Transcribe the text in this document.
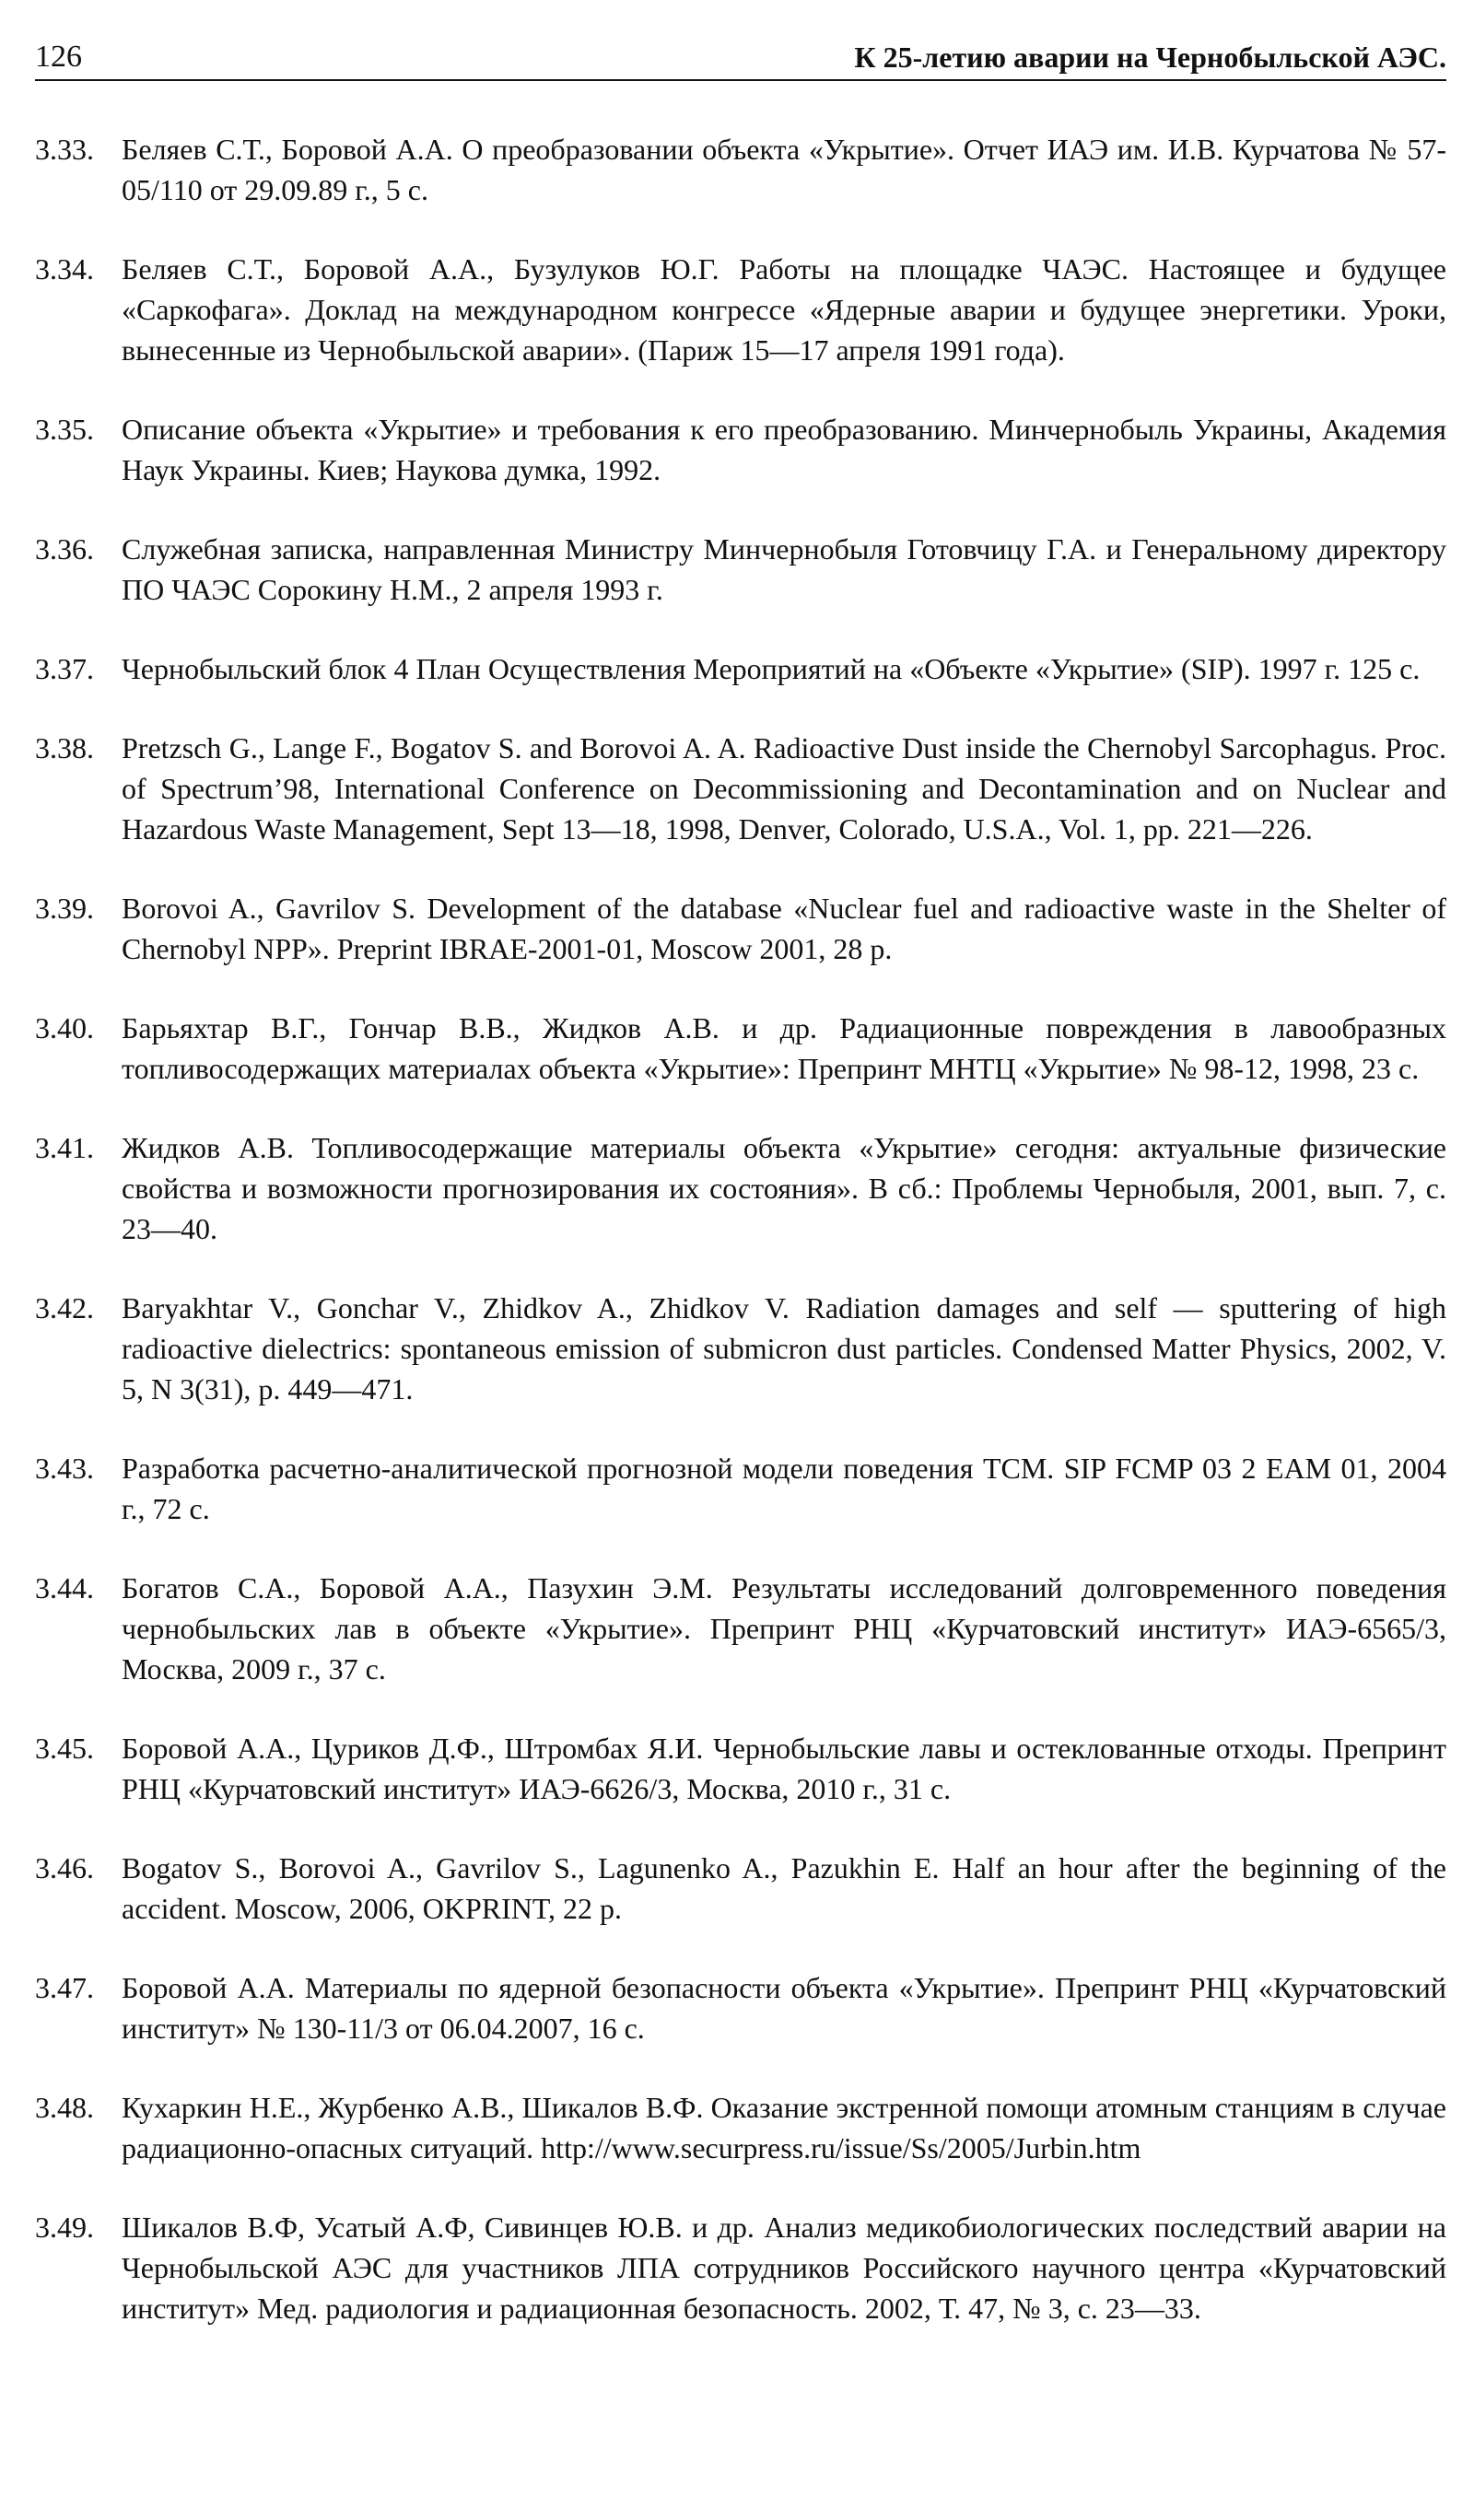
126	К 25-летию аварии на Чернобыльской АЭС.
3.33. Беляев С.Т., Боровой А.А. О преобразовании объекта «Укрытие». Отчет ИАЭ им. И.В. Курчатова № 57-05/110 от 29.09.89 г., 5 с.
3.34. Беляев С.Т., Боровой А.А., Бузулуков Ю.Г. Работы на площадке ЧАЭС. Настоящее и будущее «Саркофага». Доклад на международном конгрессе «Ядерные аварии и будущее энергетики. Уроки, вынесенные из Чернобыльской аварии». (Париж 15—17 апреля 1991 года).
3.35. Описание объекта «Укрытие» и требования к его преобразованию. Минчернобыль Украины, Академия Наук Украины. Киев; Наукова думка, 1992.
3.36. Служебная записка, направленная Министру Минчернобыля Готовчицу Г.А. и Генеральному директору ПО ЧАЭС Сорокину Н.М., 2 апреля 1993 г.
3.37. Чернобыльский блок 4 План Осуществления Мероприятий на «Объекте «Укрытие» (SIP). 1997 г. 125 с.
3.38. Pretzsch G., Lange F., Bogatov S. and Borovoi A. A. Radioactive Dust inside the Chernobyl Sarcophagus. Proc. of Spectrum’98, International Conference on Decommissioning and Decontamination and on Nuclear and Hazardous Waste Management, Sept 13—18, 1998, Denver, Colorado, U.S.A., Vol. 1, pp. 221—226.
3.39. Borovoi A., Gavrilov S. Development of the database «Nuclear fuel and radioactive waste in the Shelter of Chernobyl NPP». Preprint IBRAE-2001-01, Moscow 2001, 28 p.
3.40. Барьяхтар В.Г., Гончар В.В., Жидков А.В. и др. Радиационные повреждения в лавообразных топливосодержащих материалах объекта «Укрытие»: Препринт МНТЦ «Укрытие» № 98-12, 1998, 23 с.
3.41. Жидков А.В. Топливосодержащие материалы объекта «Укрытие» сегодня: актуальные физические свойства и возможности прогнозирования их состояния». В сб.: Проблемы Чернобыля, 2001, вып. 7, с. 23—40.
3.42. Baryakhtar V., Gonchar V., Zhidkov A., Zhidkov V. Radiation damages and self — sputtering of high radioactive dielectrics: spontaneous emission of submicron dust particles. Condensed Matter Physics, 2002, V. 5, N 3(31), p. 449—471.
3.43. Разработка расчетно-аналитической прогнозной модели поведения ТСМ. SIP FCMP 03 2 EAM 01, 2004 г., 72 с.
3.44. Богатов С.А., Боровой А.А., Пазухин Э.М. Результаты исследований долговременного поведения чернобыльских лав в объекте «Укрытие». Препринт РНЦ «Курчатовский институт» ИАЭ-6565/3, Москва, 2009 г., 37 с.
3.45. Боровой А.А., Цуриков Д.Ф., Штромбах Я.И. Чернобыльские лавы и остеклованные отходы. Препринт РНЦ «Курчатовский институт» ИАЭ-6626/3, Москва, 2010 г., 31 с.
3.46. Bogatov S., Borovoi A., Gavrilov S., Lagunenko A., Pazukhin E. Half an hour after the beginning of the accident. Moscow, 2006, OKPRINT, 22 p.
3.47. Боровой А.А. Материалы по ядерной безопасности объекта «Укрытие». Препринт РНЦ «Курчатовский институт» № 130-11/3 от 06.04.2007, 16 с.
3.48. Кухаркин Н.Е., Журбенко А.В., Шикалов В.Ф. Оказание экстренной помощи атомным станциям в случае радиационно-опасных ситуаций. http://www.securpress.ru/issue/Ss/2005/Jurbin.htm
3.49. Шикалов В.Ф, Усатый А.Ф, Сивинцев Ю.В. и др. Анализ медикобиологических последствий аварии на Чернобыльской АЭС для участников ЛПА сотрудников Российского научного центра «Курчатовский институт» Мед. радиология и радиационная безопасность. 2002, Т. 47, № 3, с. 23—33.
